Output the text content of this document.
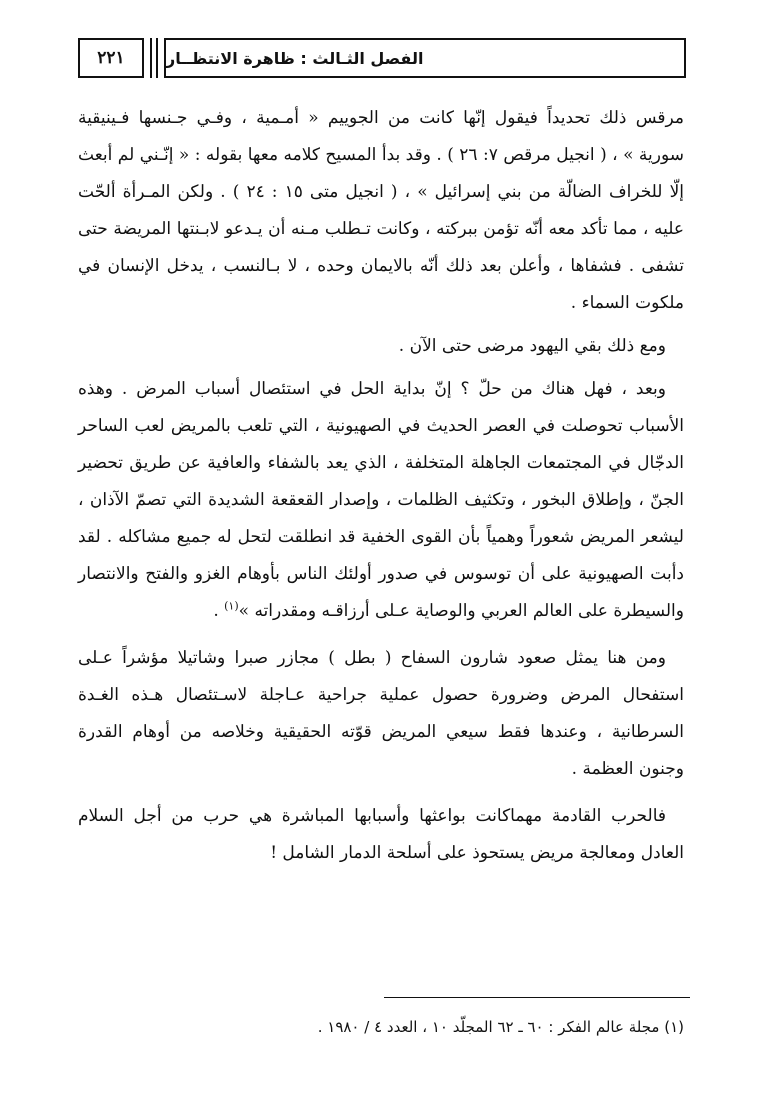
٢٢١	الفصل الثـالث : ظاهرة الانتظــار

مرقس ذلك تحديداً فيقول إنّها كانت من الجوييم « أمـمية ، وفـي جـنسها فـينيقية سورية » ، ( انجيل مرقص ٧: ٢٦ ) . وقد بدأ المسيح كلامه معها بقوله : « إنّـني لم أبعث إلّا للخراف الضالّة من بني إسرائيل » ، ( انجيل متى ١٥ : ٢٤ ) . ولكن المـرأة ألحّت عليه ، مما تأكد معه أنّه تؤمن ببركته ، وكانت تـطلب مـنه أن يـدعو لابـنتها المريضة حتى تشفى . فشفاها ، وأعلن بعد ذلك أنّه بالايمان وحده ، لا بـالنسب ، يدخل الإنسان في ملكوت السماء .

ومع ذلك بقي اليهود مرضى حتى الآن .

وبعد ، فهل هناك من حلّ ؟ إنّ بداية الحل في استئصال أسباب المرض . وهذه الأسباب تحوصلت في العصر الحديث في الصهيونية ، التي تلعب بالمريض لعب الساحر الدجّال في المجتمعات الجاهلة المتخلفة ، الذي يعد بالشفاء والعافية عن طريق تحضير الجنّ ، وإطلاق البخور ، وتكثيف الظلمات ، وإصدار القعقعة الشديدة التي تصمّ الآذان ، ليشعر المريض شعوراً وهمياً بأن القوى الخفية قد انطلقت لتحل له جميع مشاكله . لقد دأبت الصهيونية على أن توسوس في صدور أولئك الناس بأوهام الغزو والفتح والانتصار والسيطرة على العالم العربي والوصاية عـلى أرزاقـه ومقدراته »$^{(١)}$ .

ومن هنا يمثل صعود شارون السفاح ( بطل ) مجازر صبرا وشاتيلا مؤشراً عـلى استفحال المرض وضرورة حصول عملية جراحية عـاجلة لاسـتئصال هـذه الغـدة السرطانية ، وعندها فقط سيعي المريض قوّته الحقيقية وخلاصه من أوهام القدرة وجنون العظمة .

فالحرب القادمة مهماكانت بواعثها وأسبابها المباشرة هي حرب من أجل السلام العادل ومعالجة مريض يستحوذ على أسلحة الدمار الشامل !

(١) مجلة عالم الفكر : ٦٠ ـ ٦٢ المجلّد ١٠ ، العدد ٤ / ١٩٨٠ .
